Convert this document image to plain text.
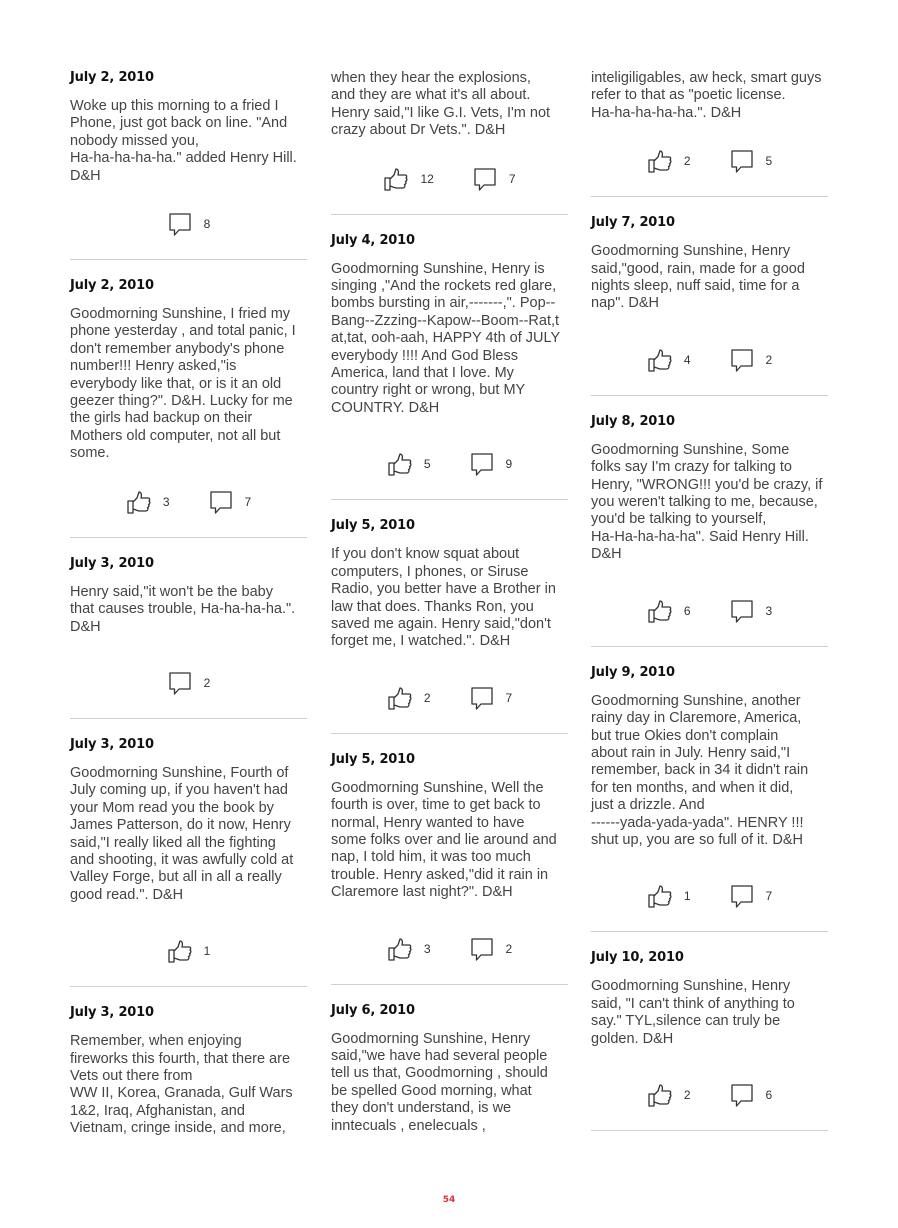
July 2, 2010

Woke up this morning to a fried I
Phone, just got back on line. "And
nobody missed you,
Ha-ha-ha-ha-ha." added Henry Hill.
D&H

8
July 2, 2010

Goodmorning Sunshine, I fried my
phone yesterday , and total panic, I
don't remember anybody's phone
number!!! Henry asked,"is
everybody like that, or is it an old
geezer thing?". D&H. Lucky for me
the girls had backup on their
Mothers old computer, not all but
some.

3	7
July 3, 2010

Henry said,"it won't be the baby
that causes trouble, Ha-ha-ha-ha.".
D&H

2
July 3, 2010

Goodmorning Sunshine, Fourth of
July coming up, if you haven't had
your Mom read you the book by
James Patterson, do it now, Henry
said,"I really liked all the fighting
and shooting, it was awfully cold at
Valley Forge, but all in all a really
good read.". D&H

1
July 3, 2010

Remember, when enjoying
fireworks this fourth, that there are
Vets out there from
WW II, Korea, Granada, Gulf Wars
1&2, Iraq, Afghanistan, and
Vietnam, cringe inside, and more,

when they hear the explosions,
and they are what it's all about.
Henry said,"I like G.I. Vets, I'm not
crazy about Dr Vets.". D&H

12	7
July 4, 2010

Goodmorning Sunshine, Henry is
singing ,"And the rockets red glare,
bombs bursting in air,-------,". Pop--
Bang--Zzzing--Kapow--Boom--Rat,t
at,tat, ooh-aah, HAPPY 4th of JULY
everybody !!!! And God Bless
America, land that I love. My
country right or wrong, but MY
COUNTRY. D&H

5	9
July 5, 2010

If you don't know squat about
computers, I phones, or Siruse
Radio, you better have a Brother in
law that does. Thanks Ron, you
saved me again. Henry said,"don't
forget me, I watched.". D&H

2	7
July 5, 2010

Goodmorning Sunshine, Well the
fourth is over, time to get back to
normal, Henry wanted to have
some folks over and lie around and
nap, I told him, it was too much
trouble. Henry asked,"did it rain in
Claremore last night?". D&H

3	2
July 6, 2010

Goodmorning Sunshine, Henry
said,"we have had several people
tell us that, Goodmorning , should
be spelled Good morning, what
they don't understand, is we
inntecuals , enelecuals ,

inteligiligables, aw heck, smart guys
refer to that as "poetic license.
Ha-ha-ha-ha-ha.". D&H

2	5
July 7, 2010

Goodmorning Sunshine, Henry
said,"good, rain, made for a good
nights sleep, nuff said, time for a
nap". D&H

4	2
July 8, 2010

Goodmorning Sunshine, Some
folks say I'm crazy for talking to
Henry, "WRONG!!! you'd be crazy, if
you weren't talking to me, because,
you'd be talking to yourself,
Ha-Ha-ha-ha-ha". Said Henry Hill.
D&H

6	3
July 9, 2010

Goodmorning Sunshine, another
rainy day in Claremore, America,
but true Okies don't complain
about rain in July. Henry said,"I
remember, back in 34 it didn't rain
for ten months, and when it did,
just a drizzle. And
------yada-yada-yada". HENRY !!!
shut up, you are so full of it. D&H

1	7
July 10, 2010

Goodmorning Sunshine, Henry
said, "I can't think of anything to
say." TYL,silence can truly be
golden. D&H

2	6
54
